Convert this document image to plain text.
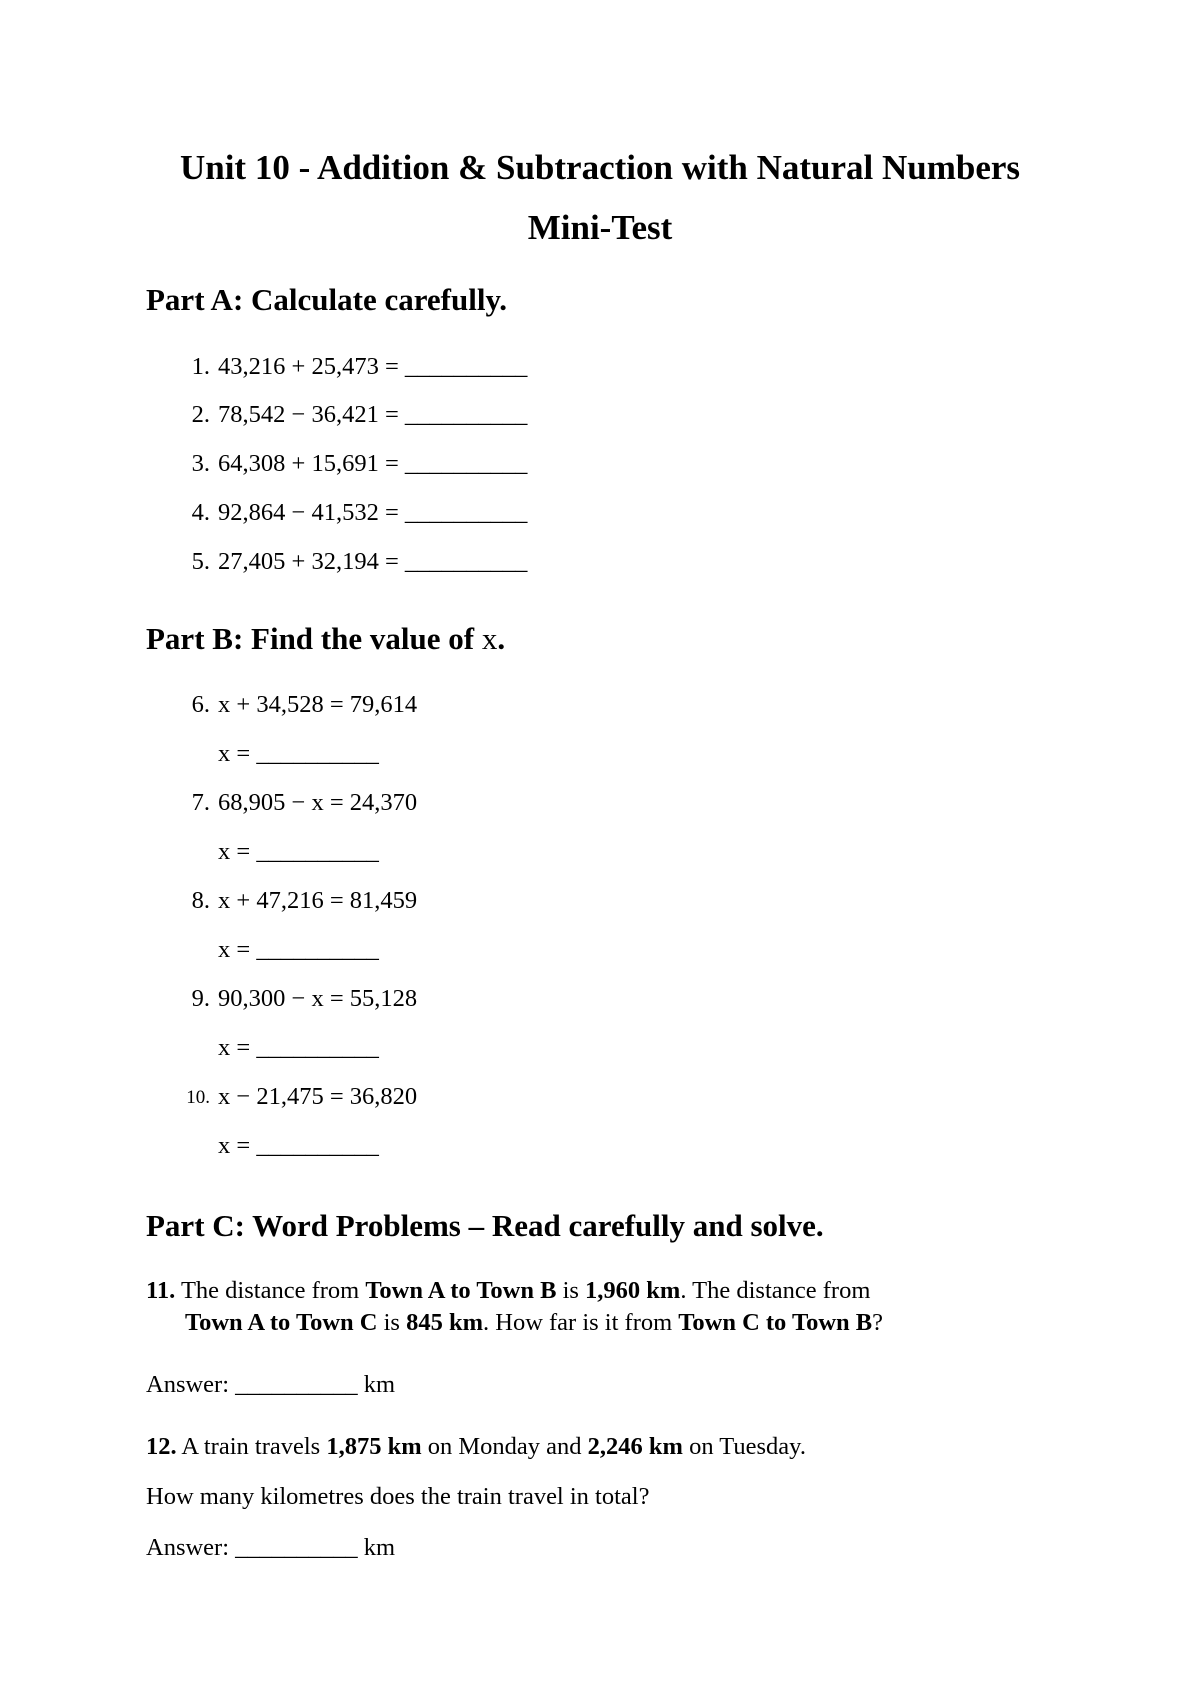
Unit 10 - Addition & Subtraction with Natural Numbers
Mini-Test
Part A: Calculate carefully.
1. 43,216 + 25,473 = __________
2. 78,542 − 36,421 = __________
3. 64,308 + 15,691 = __________
4. 92,864 − 41,532 = __________
5. 27,405 + 32,194 = __________
Part B: Find the value of x.
6. x + 34,528 = 79,614
x = __________
7. 68,905 − x = 24,370
x = __________
8. x + 47,216 = 81,459
x = __________
9. 90,300 − x = 55,128
x = __________
10. x − 21,475 = 36,820
x = __________
Part C: Word Problems – Read carefully and solve.
11. The distance from Town A to Town B is 1,960 km. The distance from
Town A to Town C is 845 km. How far is it from Town C to Town B?
Answer: __________ km
12. A train travels 1,875 km on Monday and 2,246 km on Tuesday.
How many kilometres does the train travel in total?
Answer: __________ km
